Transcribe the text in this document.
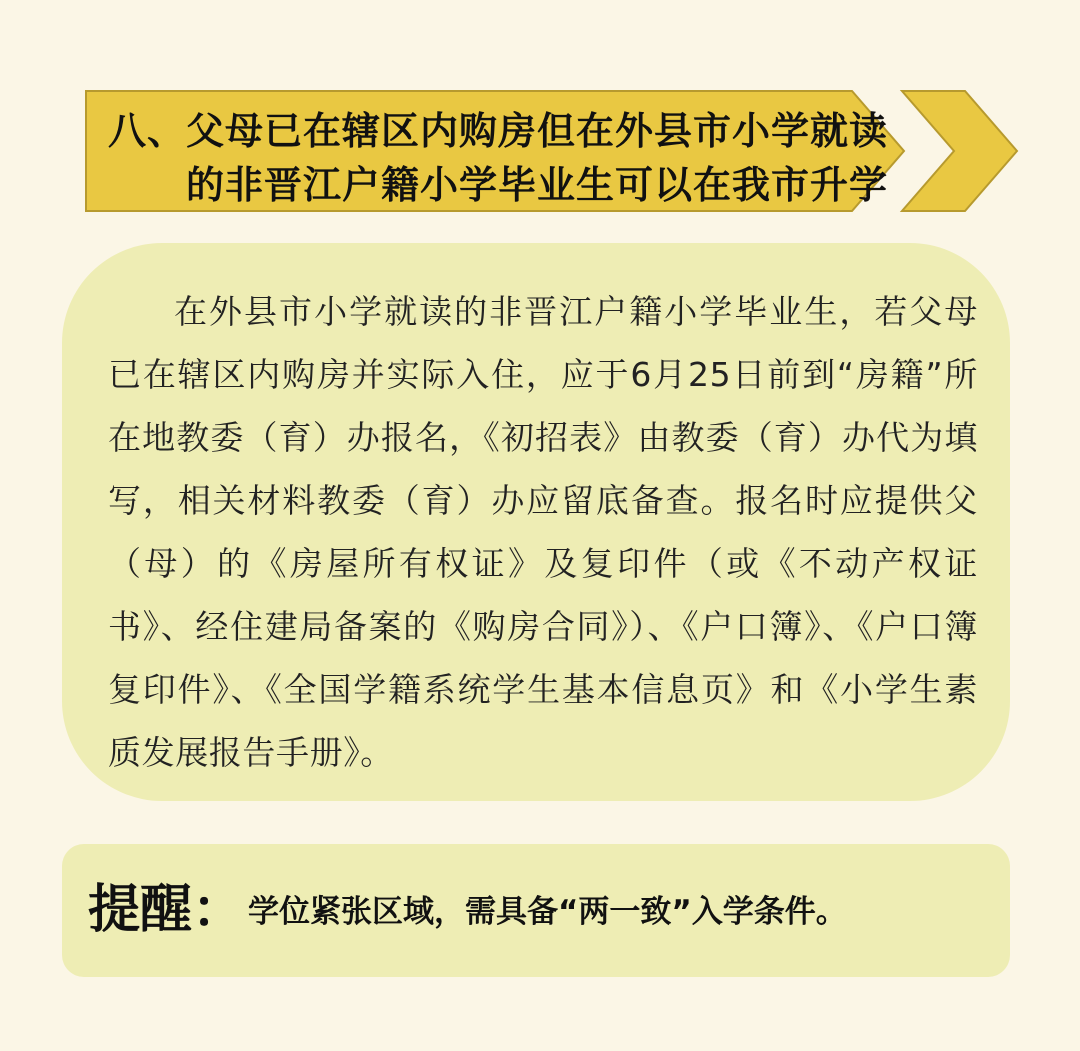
八、父母已在辖区内购房但在外县市小学就读
的非晋江户籍小学毕业生可以在我市升学

在外县市小学就读的非晋江户籍小学毕业生，若父母已在辖区内购房并实际入住，应于6月25日前到“房籍”所在地教委（育）办报名，《初招表》由教委（育）办代为填写，相关材料教委（育）办应留底备查。报名时应提供父（母）的《房屋所有权证》及复印件（或《不动产权证书》、经住建局备案的《购房合同》）、《户口簿》、《户口簿复印件》、《全国学籍系统学生基本信息页》和《小学生素质发展报告手册》。

提醒： 学位紧张区域，需具备“两一致”入学条件。
